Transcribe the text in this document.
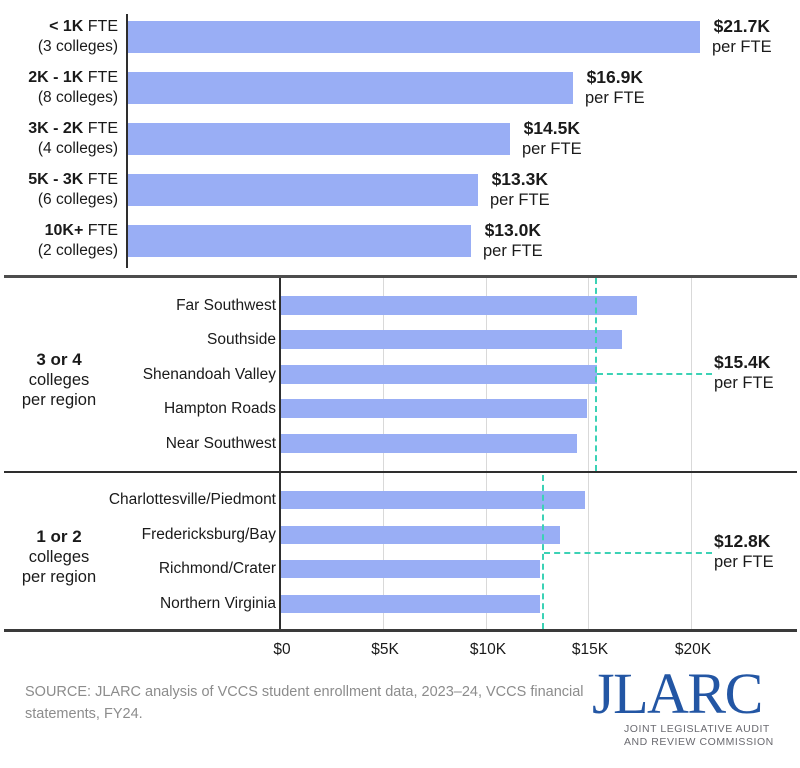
< 1K FTE
(3 colleges)
$21.7K
per FTE
2K - 1K FTE
(8 colleges)
$16.9K
per FTE
3K - 2K FTE
(4 colleges)
$14.5K
per FTE
5K - 3K FTE
(6 colleges)
$13.3K
per FTE
10K+ FTE
(2 colleges)
$13.0K
per FTE
Far Southwest
Southside
Shenandoah Valley
Hampton Roads
Near Southwest
Charlottesville/Piedmont
Fredericksburg/Bay
Richmond/Crater
Northern Virginia
3 or 4
colleges
per region
1 or 2
colleges
per region
$15.4K
per FTE
$12.8K
per FTE
$0	$5K	$10K	$15K	$20K
SOURCE: JLARC analysis of VCCS student enrollment data, 2023–24, VCCS financial
statements, FY24.	JLARC
JOINT LEGISLATIVE AUDIT
AND REVIEW COMMISSION
